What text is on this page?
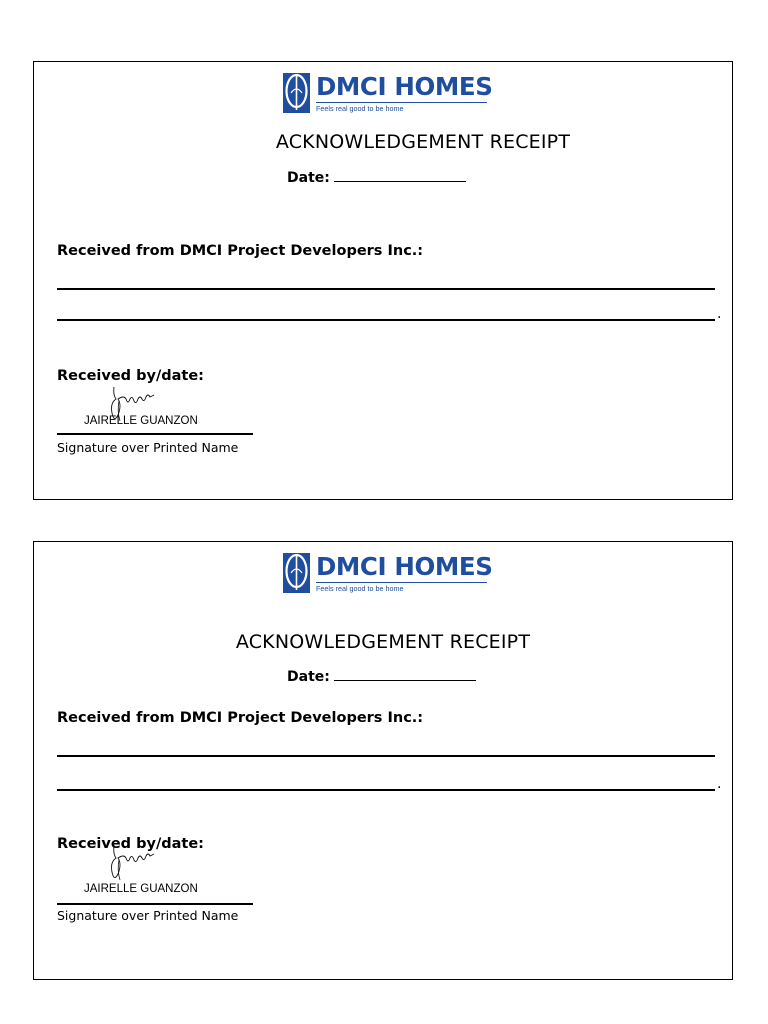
DMCI HOMES
Feels real good to be home
ACKNOWLEDGEMENT RECEIPT
Date:
Received from DMCI Project Developers Inc.:
.
Received by/date:
JAIRELLE GUANZON
Signature over Printed Name
DMCI HOMES
Feels real good to be home
ACKNOWLEDGEMENT RECEIPT
Date:
Received from DMCI Project Developers Inc.:
.
Received by/date:
JAIRELLE GUANZON
Signature over Printed Name
